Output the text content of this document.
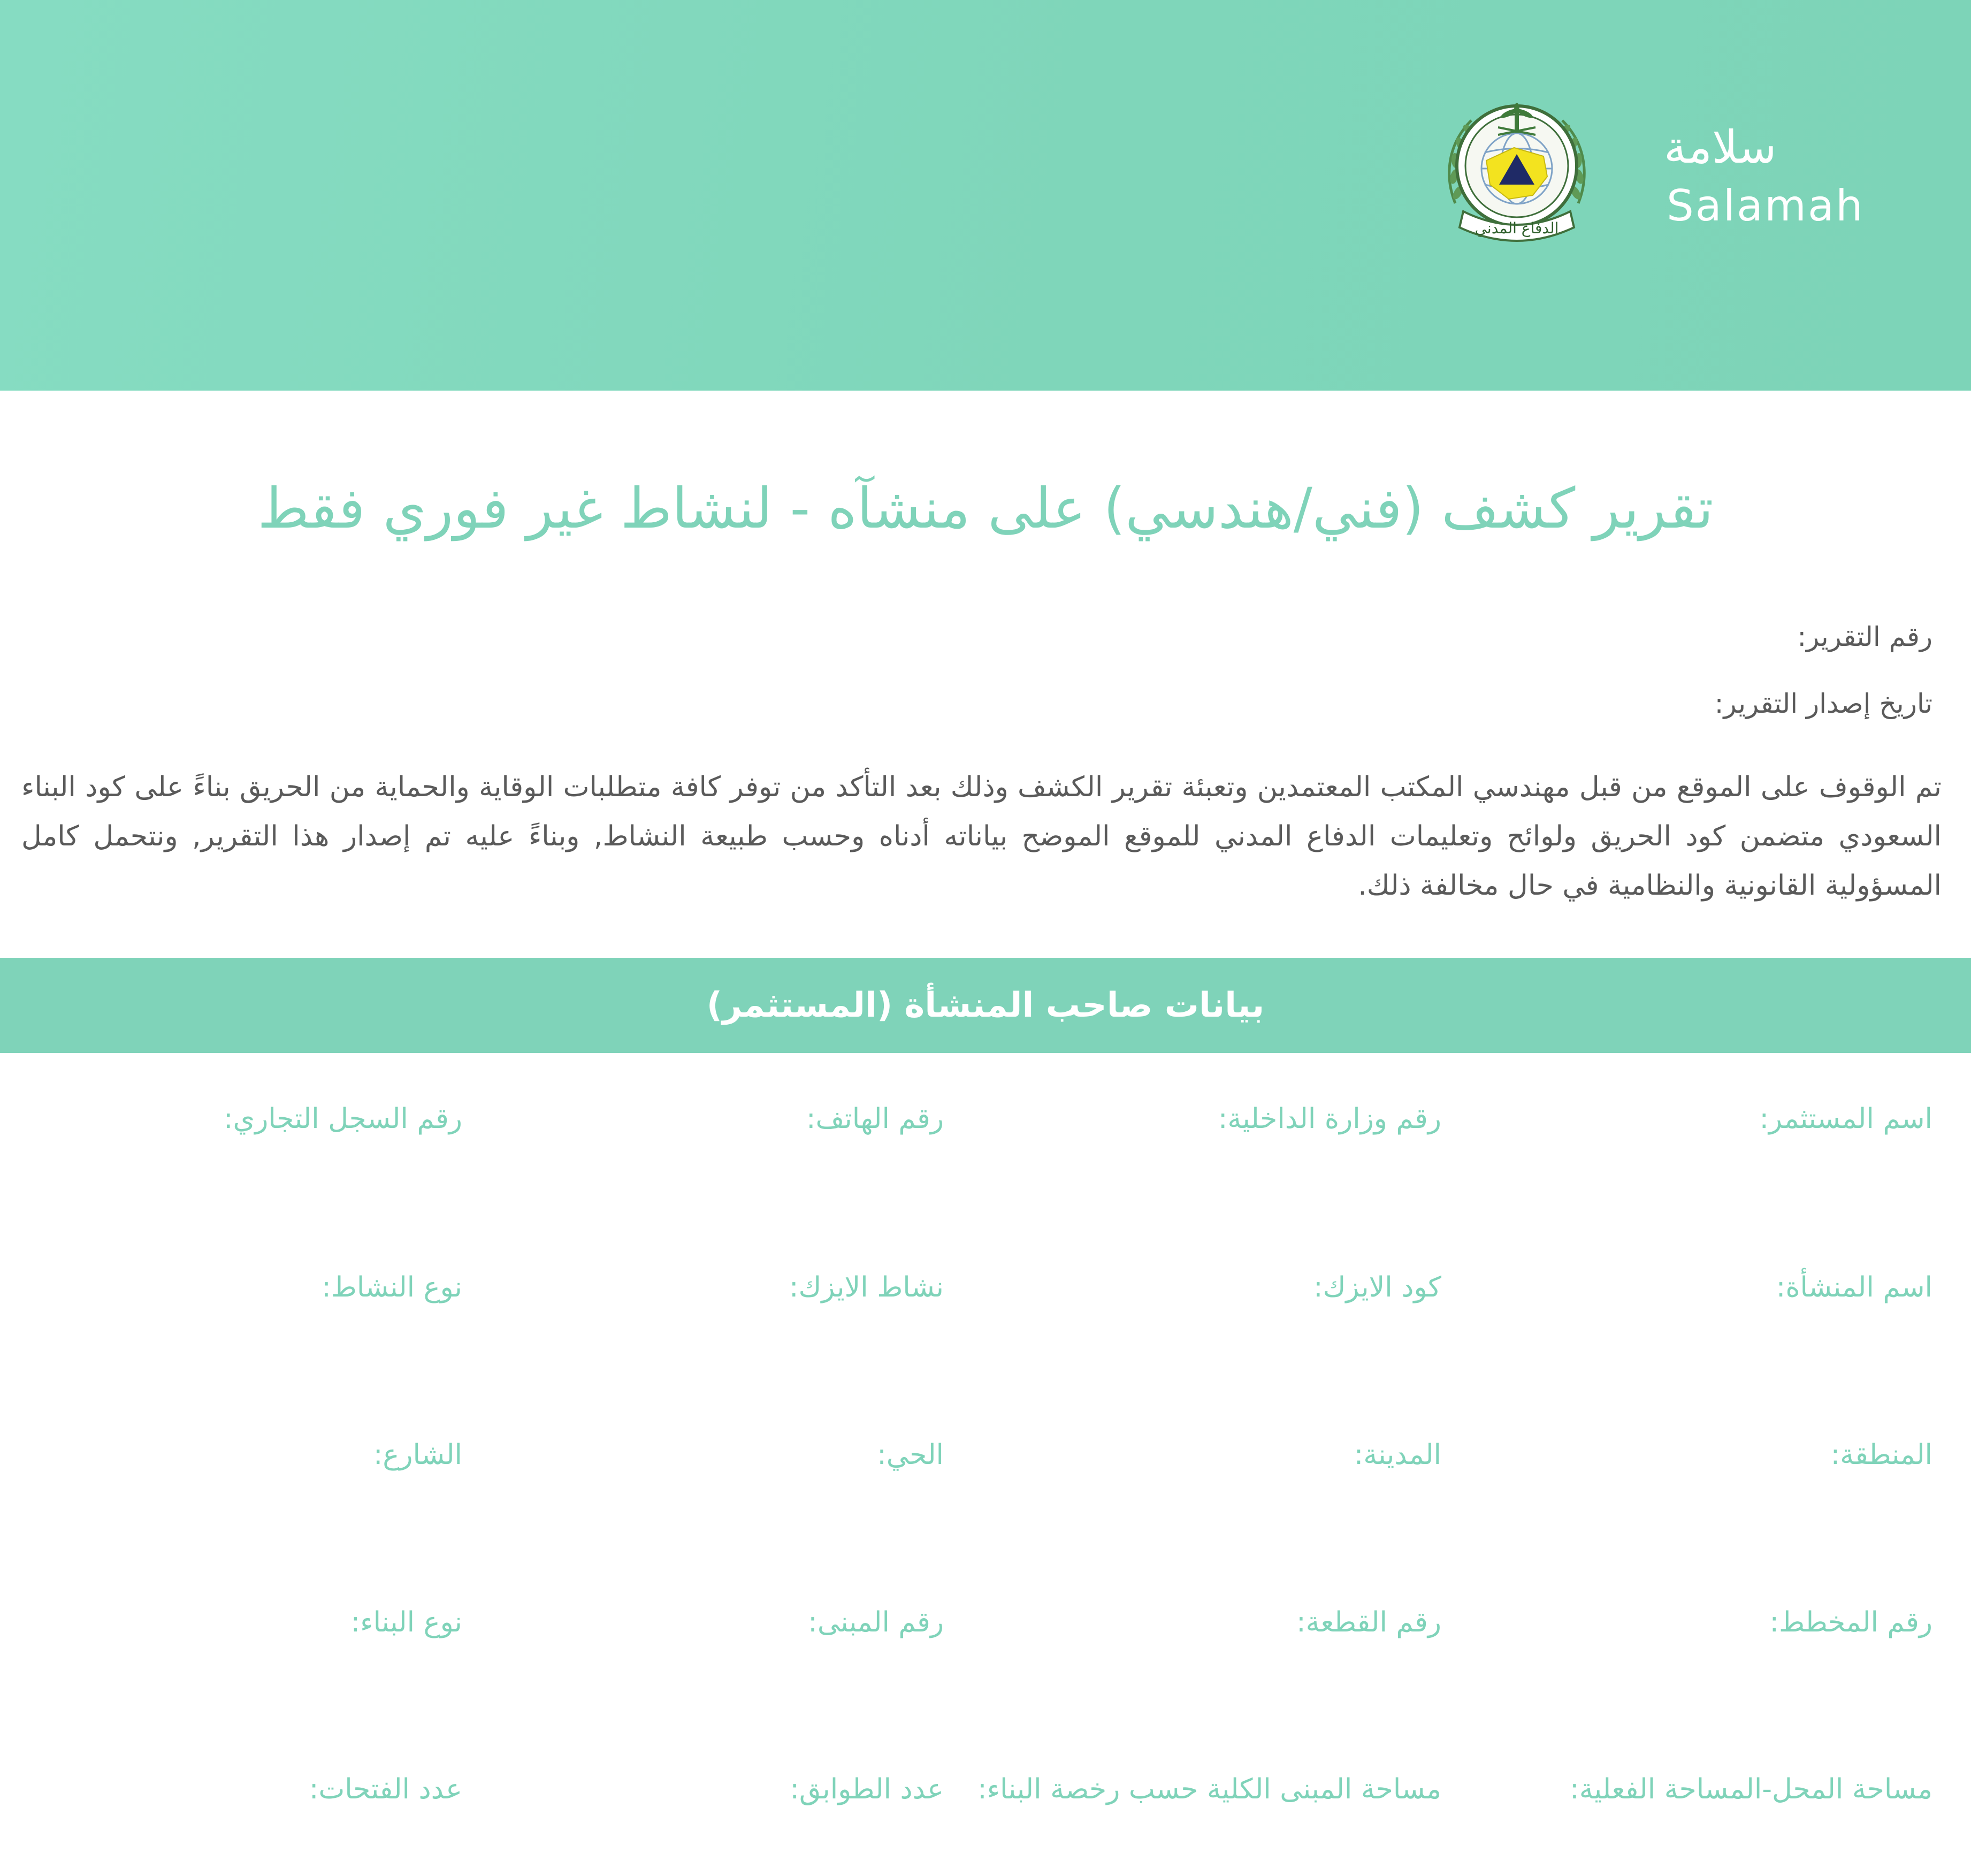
الدفاع المدني
سلامة
Salamah
تقرير كشف (فني/هندسي) على منشآه - لنشاط غير فوري فقط
رقم التقرير:
تاريخ إصدار التقرير:
تم الوقوف على الموقع من قبل مهندسي المكتب المعتمدين وتعبئة تقرير الكشف وذلك بعد التأكد من توفر كافة متطلبات الوقاية والحماية من الحريق بناءً على كود البناء السعودي متضمن كود الحريق ولوائح وتعليمات الدفاع المدني للموقع الموضح بياناته أدناه وحسب طبيعة النشاط, وبناءً عليه تم إصدار هذا التقرير, ونتحمل كامل المسؤولية القانونية والنظامية في حال مخالفة ذلك.
بيانات صاحب المنشأة (المستثمر)
اسم المستثمر:
رقم وزارة الداخلية:
رقم الهاتف:
رقم السجل التجاري:
اسم المنشأة:
كود الايزك:
نشاط الايزك:
نوع النشاط:
المنطقة:
المدينة:
الحي:
الشارع:
رقم المخطط:
رقم القطعة:
رقم المبنى:
نوع البناء:
مساحة المحل-المساحة الفعلية:
مساحة المبنى الكلية حسب رخصة البناء:
عدد الطوابق:
عدد الفتحات:
